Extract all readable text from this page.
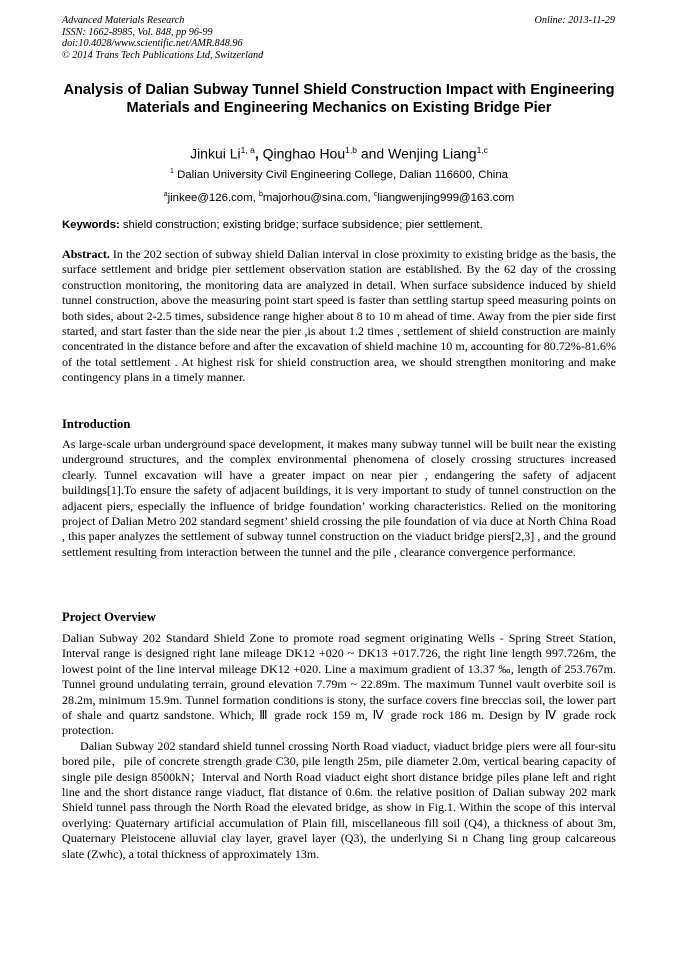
Advanced Materials Research
ISSN: 1662-8985, Vol. 848, pp 96-99
doi:10.4028/www.scientific.net/AMR.848.96
© 2014 Trans Tech Publications Ltd, Switzerland
Online: 2013-11-29
Analysis of Dalian Subway Tunnel Shield Construction Impact with Engineering Materials and Engineering Mechanics on Existing Bridge Pier
Jinkui Li$^{1, a}$, Qinghao Hou$^{1,b}$ and Wenjing Liang$^{1,c}$
$^1$ Dalian University Civil Engineering College, Dalian 116600, China
$^a$jinkee@126.com, $^b$majorhou@sina.com, $^c$liangwenjing999@163.com
Keywords: shield construction; existing bridge; surface subsidence; pier settlement.

Abstract. In the 202 section of subway shield Dalian interval in close proximity to existing bridge as the basis, the surface settlement and bridge pier settlement observation station are established. By the 62 day of the crossing construction monitoring, the monitoring data are analyzed in detail. When surface subsidence induced by shield tunnel construction, above the measuring point start speed is faster than settling startup speed measuring points on both sides, about 2-2.5 times, subsidence range higher about 8 to 10 m ahead of time. Away from the pier side first started, and start faster than the side near the pier ,is about 1.2 times , settlement of shield construction are mainly concentrated in the distance before and after the excavation of shield machine 10 m, accounting for 80.72%-81.6% of the total settlement . At highest risk for shield construction area, we should strengthen monitoring and make contingency plans in a timely manner.

Introduction

As large-scale urban underground space development, it makes many subway tunnel will be built near the existing underground structures, and the complex environmental phenomena of closely crossing structures increased clearly. Tunnel excavation will have a greater impact on near pier , endangering the safety of adjacent buildings[1].To ensure the safety of adjacent buildings, it is very important to study of tunnel construction on the adjacent piers, especially the influence of bridge foundation’ working characteristics. Relied on the monitoring project of Dalian Metro 202 standard segment’ shield crossing the pile foundation of via duce at North China Road , this paper analyzes the settlement of subway tunnel construction on the viaduct bridge piers[2,3] , and the ground settlement resulting from interaction between the tunnel and the pile , clearance convergence performance.

Project Overview

Dalian Subway 202 Standard Shield Zone to promote road segment originating Wells - Spring Street Station, Interval range is designed right lane mileage DK12 +020 ~ DK13 +017.726, the right line length 997.726m, the lowest point of the line interval mileage DK12 +020. Line a maximum gradient of 13.37 ‰, length of 253.767m. Tunnel ground undulating terrain, ground elevation 7.79m ~ 22.89m. The maximum Tunnel vault overbite soil is 28.2m, minimum 15.9m. Tunnel formation conditions is stony, the surface covers fine breccias soil, the lower part of shale and quartz sandstone. Which, Ⅲ grade rock 159 m, Ⅳ grade rock 186 m. Design by Ⅳ grade rock protection.

Dalian Subway 202 standard shield tunnel crossing North Road viaduct, viaduct bridge piers were all four-situ bored pile，pile of concrete strength grade C30, pile length 25m, pile diameter 2.0m, vertical bearing capacity of single pile design 8500kN；Interval and North Road viaduct eight short distance bridge piles plane left and right line and the short distance range viaduct, flat distance of 0.6m. the relative position of Dalian subway 202 mark Shield tunnel pass through the North Road the elevated bridge, as show in Fig.1. Within the scope of this interval overlying: Quaternary artificial accumulation of Plain fill, miscellaneous fill soil (Q4), a thickness of about 3m, Quaternary Pleistocene alluvial clay layer, gravel layer (Q3), the underlying Si n Chang ling group calcareous slate (Zwhc), a total thickness of approximately 13m.
